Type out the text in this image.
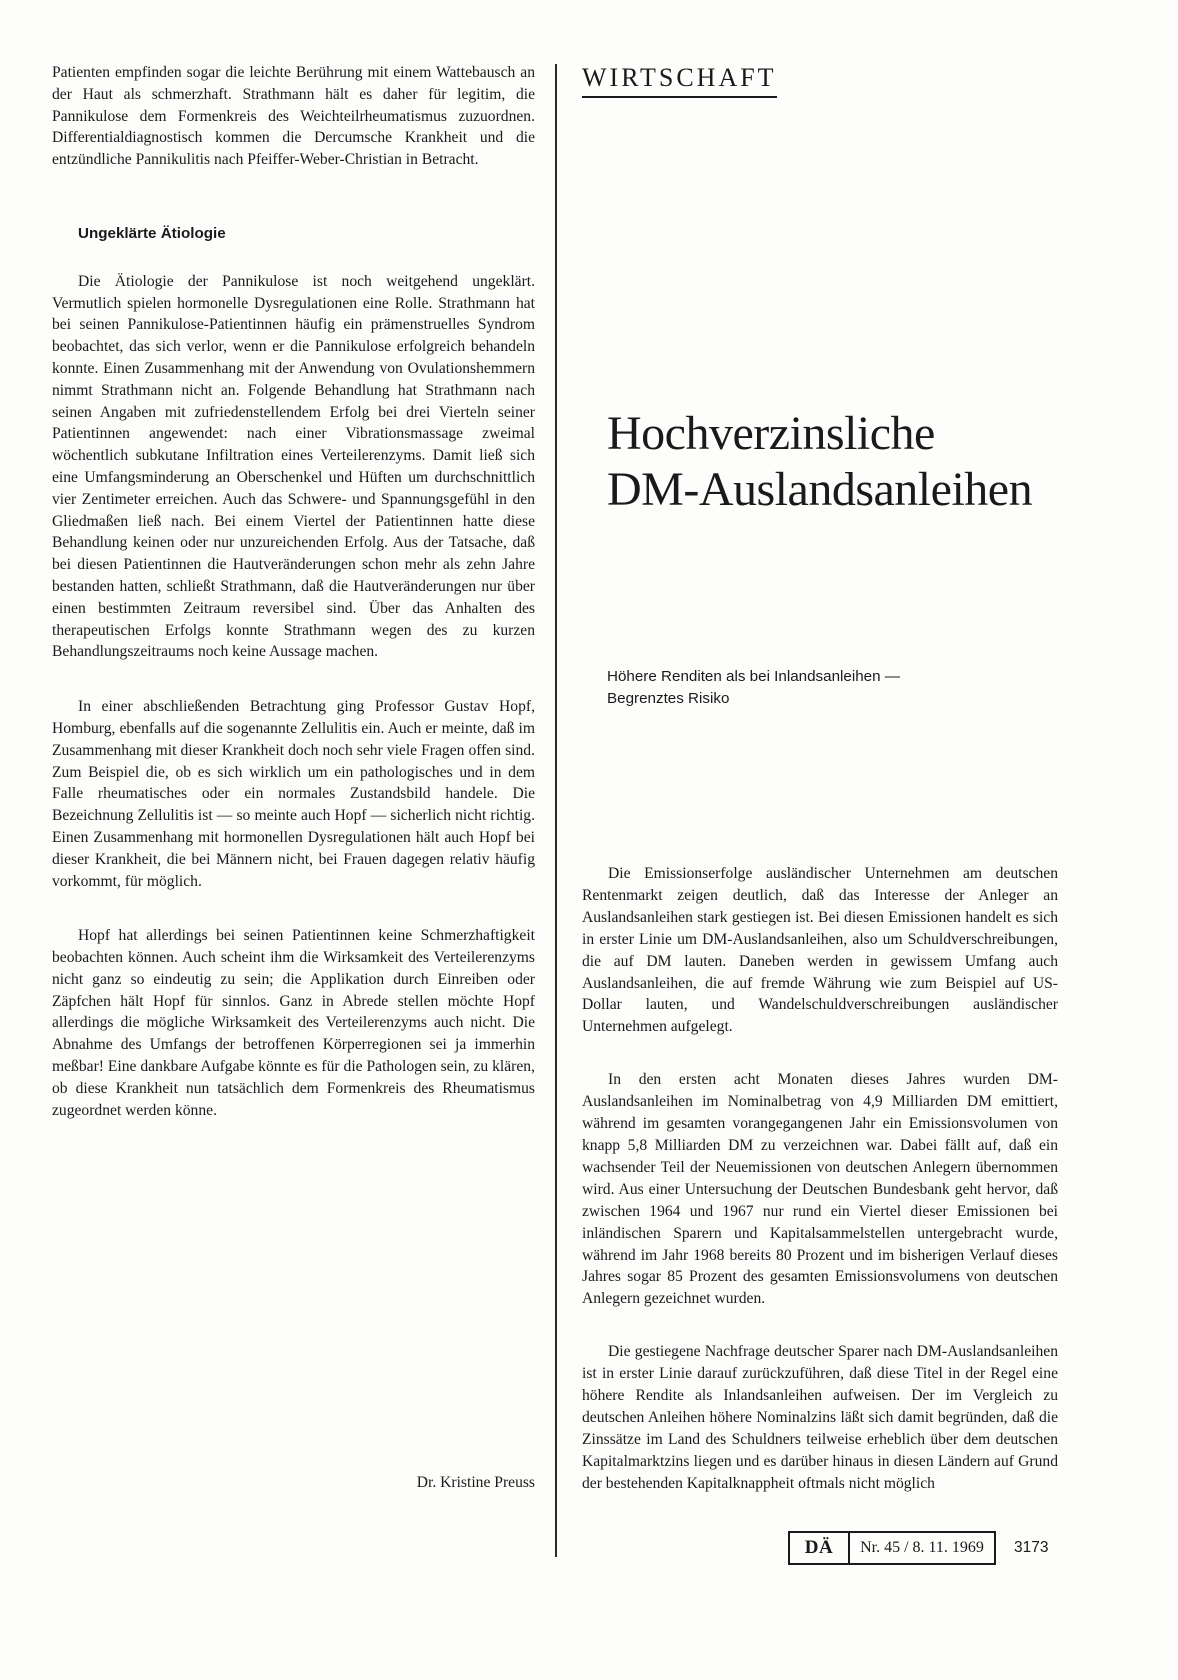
Patienten empfinden sogar die leichte Berührung mit einem Wattebausch an der Haut als schmerzhaft. Strathmann hält es daher für legitim, die Pannikulose dem Formenkreis des Weichteilrheumatismus zuzuordnen. Differentialdiagnostisch kommen die Dercumsche Krankheit und die entzündliche Pannikulitis nach Pfeiffer-Weber-Christian in Betracht.

Ungeklärte Ätiologie

Die Ätiologie der Pannikulose ist noch weitgehend ungeklärt. Vermutlich spielen hormonelle Dysregulationen eine Rolle. Strathmann hat bei seinen Pannikulose-Patientinnen häufig ein prämenstruelles Syndrom beobachtet, das sich verlor, wenn er die Pannikulose erfolgreich behandeln konnte. Einen Zusammenhang mit der Anwendung von Ovulationshemmern nimmt Strathmann nicht an. Folgende Behandlung hat Strathmann nach seinen Angaben mit zufriedenstellendem Erfolg bei drei Vierteln seiner Patientinnen angewendet: nach einer Vibrationsmassage zweimal wöchentlich subkutane Infiltration eines Verteilerenzyms. Damit ließ sich eine Umfangsminderung an Oberschenkel und Hüften um durchschnittlich vier Zentimeter erreichen. Auch das Schwere- und Spannungsgefühl in den Gliedmaßen ließ nach. Bei einem Viertel der Patientinnen hatte diese Behandlung keinen oder nur unzureichenden Erfolg. Aus der Tatsache, daß bei diesen Patientinnen die Hautveränderungen schon mehr als zehn Jahre bestanden hatten, schließt Strathmann, daß die Hautveränderungen nur über einen bestimmten Zeitraum reversibel sind. Über das Anhalten des therapeutischen Erfolgs konnte Strathmann wegen des zu kurzen Behandlungszeitraums noch keine Aussage machen.

In einer abschließenden Betrachtung ging Professor Gustav Hopf, Homburg, ebenfalls auf die sogenannte Zellulitis ein. Auch er meinte, daß im Zusammenhang mit dieser Krankheit doch noch sehr viele Fragen offen sind. Zum Beispiel die, ob es sich wirklich um ein pathologisches und in dem Falle rheumatisches oder ein normales Zustandsbild handele. Die Bezeichnung Zellulitis ist — so meinte auch Hopf — sicherlich nicht richtig. Einen Zusammenhang mit hormonellen Dysregulationen hält auch Hopf bei dieser Krankheit, die bei Männern nicht, bei Frauen dagegen relativ häufig vorkommt, für möglich.

Hopf hat allerdings bei seinen Patientinnen keine Schmerzhaftigkeit beobachten können. Auch scheint ihm die Wirksamkeit des Verteilerenzyms nicht ganz so eindeutig zu sein; die Applikation durch Einreiben oder Zäpfchen hält Hopf für sinnlos. Ganz in Abrede stellen möchte Hopf allerdings die mögliche Wirksamkeit des Verteilerenzyms auch nicht. Die Abnahme des Umfangs der betroffenen Körperregionen sei ja immerhin meßbar! Eine dankbare Aufgabe könnte es für die Pathologen sein, zu klären, ob diese Krankheit nun tatsächlich dem Formenkreis des Rheumatismus zugeordnet werden könne.

Dr. Kristine Preuss
WIRTSCHAFT
Hochverzinsliche
DM-Auslandsanleihen
Höhere Renditen als bei Inlandsanleihen —
Begrenztes Risiko

Die Emissionserfolge ausländischer Unternehmen am deutschen Rentenmarkt zeigen deutlich, daß das Interesse der Anleger an Auslandsanleihen stark gestiegen ist. Bei diesen Emissionen handelt es sich in erster Linie um DM-Auslandsanleihen, also um Schuldverschreibungen, die auf DM lauten. Daneben werden in gewissem Umfang auch Auslandsanleihen, die auf fremde Währung wie zum Beispiel auf US-Dollar lauten, und Wandelschuldverschreibungen ausländischer Unternehmen aufgelegt.

In den ersten acht Monaten dieses Jahres wurden DM-Auslandsanleihen im Nominalbetrag von 4,9 Milliarden DM emittiert, während im gesamten vorangegangenen Jahr ein Emissionsvolumen von knapp 5,8 Milliarden DM zu verzeichnen war. Dabei fällt auf, daß ein wachsender Teil der Neuemissionen von deutschen Anlegern übernommen wird. Aus einer Untersuchung der Deutschen Bundesbank geht hervor, daß zwischen 1964 und 1967 nur rund ein Viertel dieser Emissionen bei inländischen Sparern und Kapitalsammelstellen untergebracht wurde, während im Jahr 1968 bereits 80 Prozent und im bisherigen Verlauf dieses Jahres sogar 85 Prozent des gesamten Emissionsvolumens von deutschen Anlegern gezeichnet wurden.

Die gestiegene Nachfrage deutscher Sparer nach DM-Auslandsanleihen ist in erster Linie darauf zurückzuführen, daß diese Titel in der Regel eine höhere Rendite als Inlandsanleihen aufweisen. Der im Vergleich zu deutschen Anleihen höhere Nominalzins läßt sich damit begründen, daß die Zinssätze im Land des Schuldners teilweise erheblich über dem deutschen Kapitalmarktzins liegen und es darüber hinaus in diesen Ländern auf Grund der bestehenden Kapitalknappheit oftmals nicht möglich

DÄ	Nr. 45 / 8. 11. 1969	3173
